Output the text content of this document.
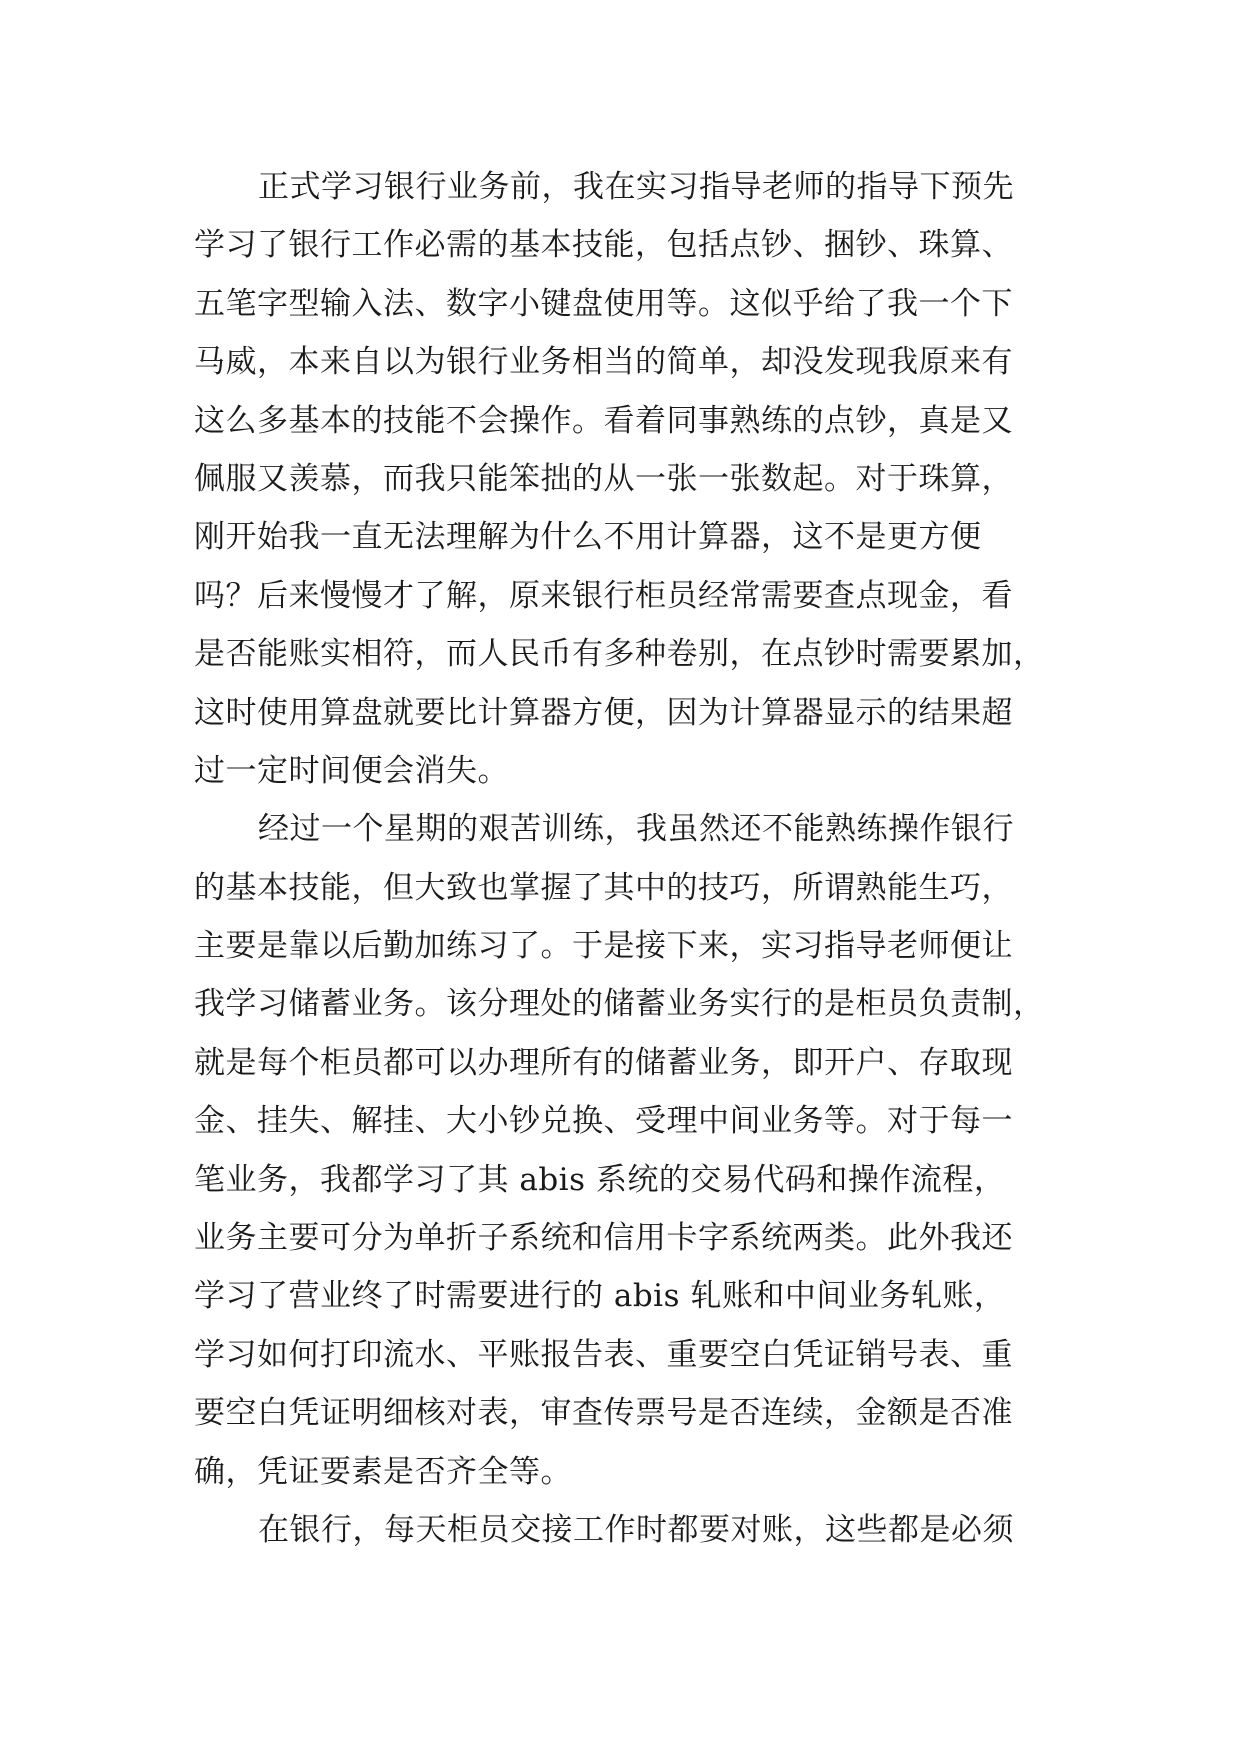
正式学习银行业务前，我在实习指导老师的指导下预先
学习了银行工作必需的基本技能，包括点钞、捆钞、珠算、
五笔字型输入法、数字小键盘使用等。这似乎给了我一个下
马威，本来自以为银行业务相当的简单，却没发现我原来有
这么多基本的技能不会操作。看着同事熟练的点钞，真是又
佩服又羡慕，而我只能笨拙的从一张一张数起。对于珠算，
刚开始我一直无法理解为什么不用计算器，这不是更方便
吗？后来慢慢才了解，原来银行柜员经常需要查点现金，看
是否能账实相符，而人民币有多种卷别，在点钞时需要累加，
这时使用算盘就要比计算器方便，因为计算器显示的结果超
过一定时间便会消失。
经过一个星期的艰苦训练，我虽然还不能熟练操作银行
的基本技能，但大致也掌握了其中的技巧，所谓熟能生巧，
主要是靠以后勤加练习了。于是接下来，实习指导老师便让
我学习储蓄业务。该分理处的储蓄业务实行的是柜员负责制，
就是每个柜员都可以办理所有的储蓄业务，即开户、存取现
金、挂失、解挂、大小钞兑换、受理中间业务等。对于每一
笔业务，我都学习了其 abis 系统的交易代码和操作流程，
业务主要可分为单折子系统和信用卡字系统两类。此外我还
学习了营业终了时需要进行的 abis 轧账和中间业务轧账，
学习如何打印流水、平账报告表、重要空白凭证销号表、重
要空白凭证明细核对表，审查传票号是否连续，金额是否准
确，凭证要素是否齐全等。
在银行，每天柜员交接工作时都要对账，这些都是必须
